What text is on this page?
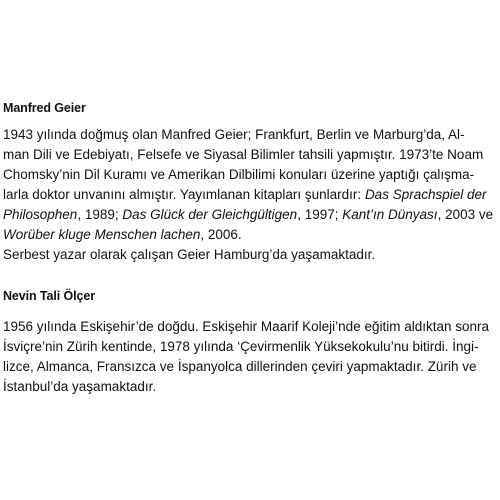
Manfred Geier
1943 yılında doğmuş olan Manfred Geier; Frankfurt, Berlin ve Marburg’da, Al-
man Dili ve Edebiyatı, Felsefe ve Siyasal Bilimler tahsili yapmıştır. 1973’te Noam
Chomsky’nin Dil Kuramı ve Amerikan Dilbilimi konuları üzerine yaptığı çalışma-
larla doktor unvanını almıştır. Yayımlanan kitapları şunlardır: Das Sprachspiel der
Philosophen, 1989; Das Glück der Gleichgültigen, 1997; Kant’ın Dünyası, 2003 ve
Worüber kluge Menschen lachen, 2006.
Serbest yazar olarak çalışan Geier Hamburg’da yaşamaktadır.
Nevin Tali Ölçer
1956 yılında Eskişehir’de doğdu. Eskişehir Maarif Koleji’nde eğitim aldıktan sonra
İsviçre’nin Zürih kentinde, 1978 yılında ‘Çevirmenlik Yüksekokulu’nu bitirdi. İngi-
lizce, Almanca, Fransızca ve İspanyolca dillerinden çeviri yapmaktadır. Zürih ve
İstanbul’da yaşamaktadır.
